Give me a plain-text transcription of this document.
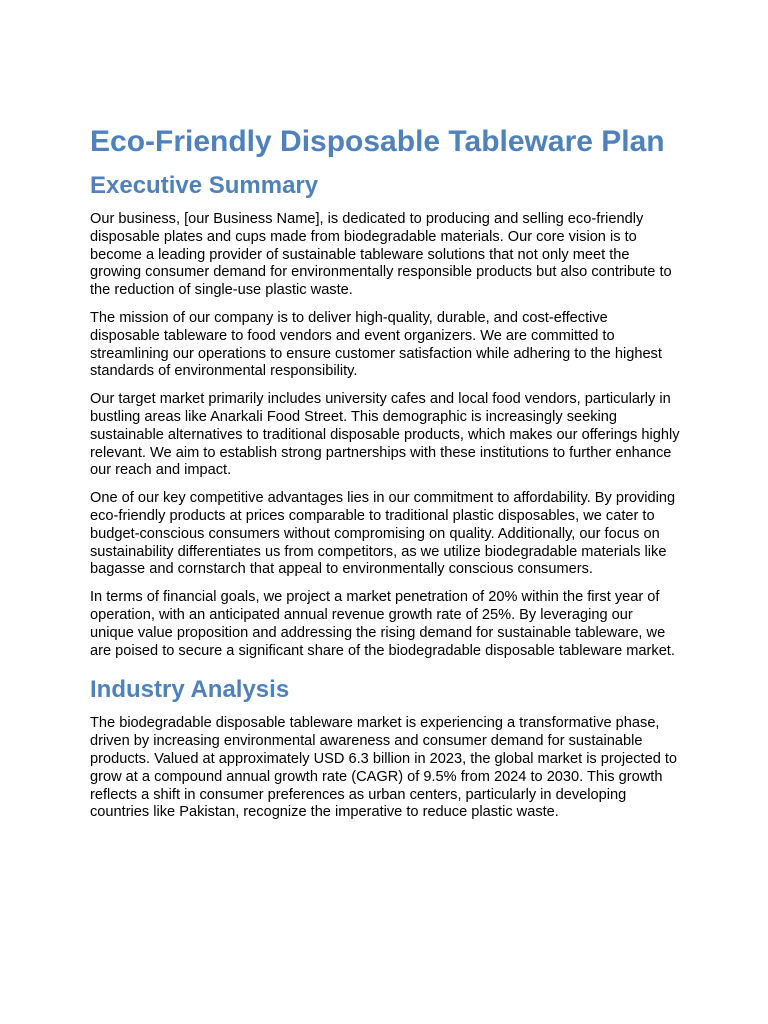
Eco-Friendly Disposable Tableware Plan
Executive Summary

Our business, [our Business Name], is dedicated to producing and selling eco-friendly disposable plates and cups made from biodegradable materials. Our core vision is to become a leading provider of sustainable tableware solutions that not only meet the growing consumer demand for environmentally responsible products but also contribute to the reduction of single-use plastic waste.

The mission of our company is to deliver high-quality, durable, and cost-effective disposable tableware to food vendors and event organizers. We are committed to streamlining our operations to ensure customer satisfaction while adhering to the highest standards of environmental responsibility.

Our target market primarily includes university cafes and local food vendors, particularly in bustling areas like Anarkali Food Street. This demographic is increasingly seeking sustainable alternatives to traditional disposable products, which makes our offerings highly relevant. We aim to establish strong partnerships with these institutions to further enhance our reach and impact.

One of our key competitive advantages lies in our commitment to affordability. By providing eco-friendly products at prices comparable to traditional plastic disposables, we cater to budget-conscious consumers without compromising on quality. Additionally, our focus on sustainability differentiates us from competitors, as we utilize biodegradable materials like bagasse and cornstarch that appeal to environmentally conscious consumers.

In terms of financial goals, we project a market penetration of 20% within the first year of operation, with an anticipated annual revenue growth rate of 25%. By leveraging our unique value proposition and addressing the rising demand for sustainable tableware, we are poised to secure a significant share of the biodegradable disposable tableware market.

Industry Analysis

The biodegradable disposable tableware market is experiencing a transformative phase, driven by increasing environmental awareness and consumer demand for sustainable products. Valued at approximately USD 6.3 billion in 2023, the global market is projected to grow at a compound annual growth rate (CAGR) of 9.5% from 2024 to 2030. This growth reflects a shift in consumer preferences as urban centers, particularly in developing countries like Pakistan, recognize the imperative to reduce plastic waste.
